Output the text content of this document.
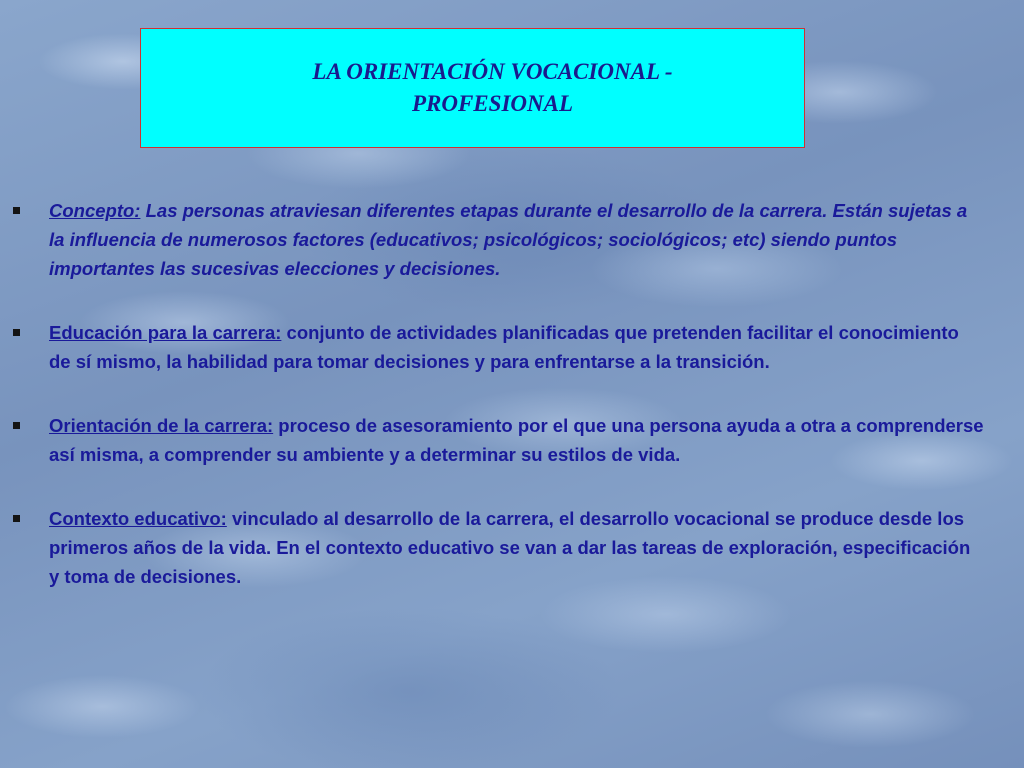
LA ORIENTACIÓN VOCACIONAL - PROFESIONAL
Concepto: Las personas atraviesan diferentes etapas durante el desarrollo de la carrera. Están sujetas a la influencia de numerosos factores (educativos; psicológicos; sociológicos; etc) siendo puntos importantes las sucesivas elecciones y decisiones.
Educación para la carrera: conjunto de actividades planificadas que pretenden facilitar el conocimiento de sí mismo, la habilidad para tomar decisiones y para enfrentarse a la transición.
Orientación de la carrera: proceso de asesoramiento por el que una persona ayuda a otra a comprenderse así misma, a comprender su ambiente y a determinar su estilos de vida.
Contexto educativo: vinculado al desarrollo de la carrera, el desarrollo vocacional se produce desde los primeros años de la vida. En el contexto educativo se van a dar las tareas de exploración, especificación y toma de decisiones.
